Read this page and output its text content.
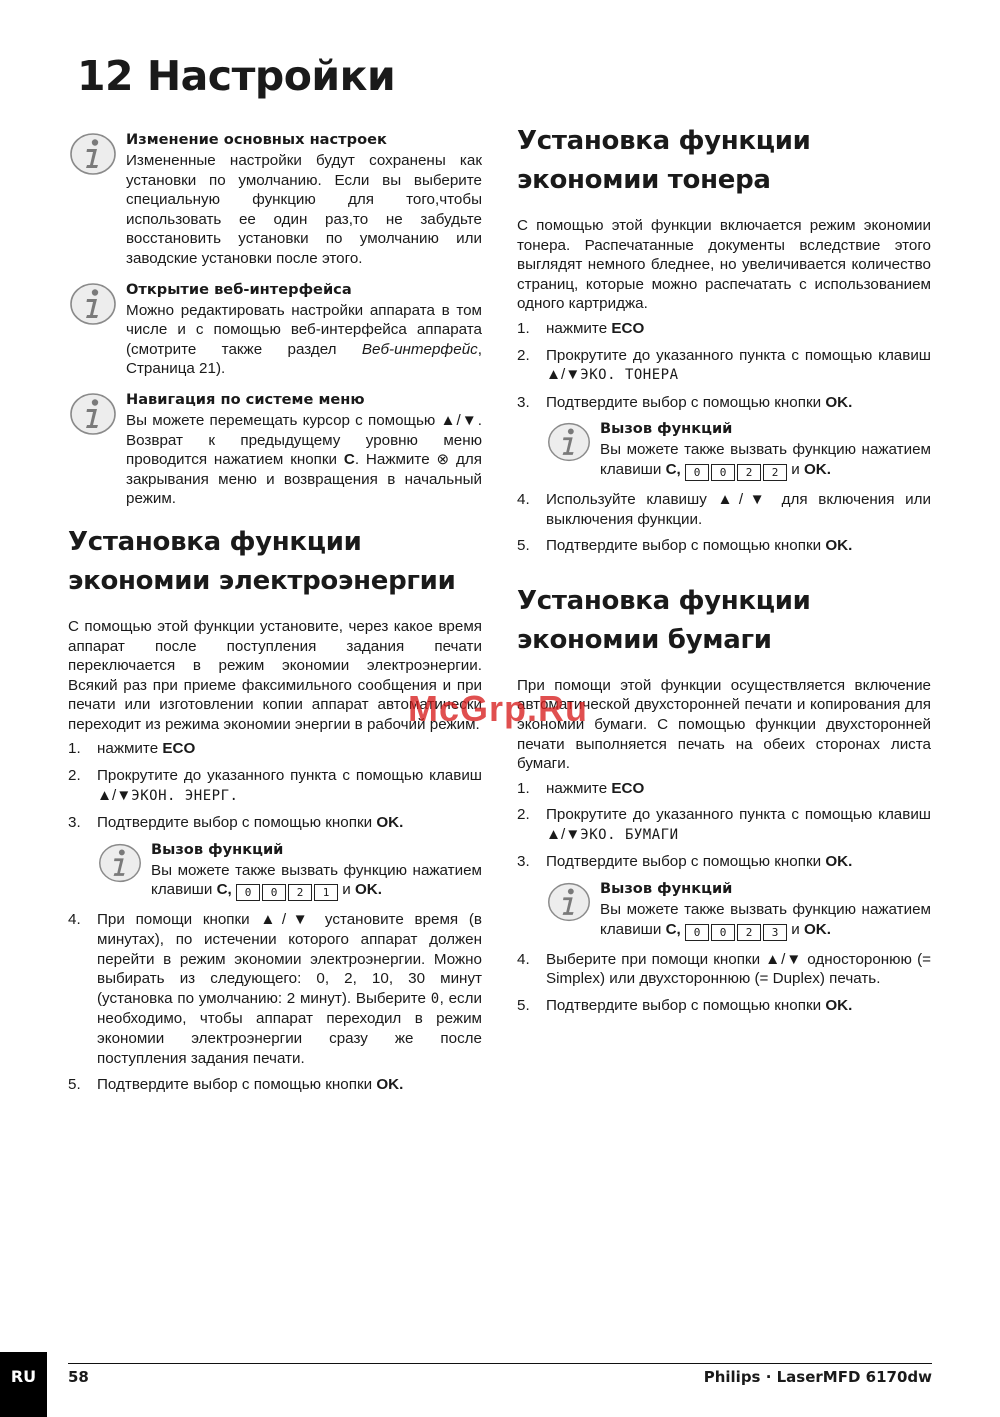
12 Настройки
Изменение основных настроек

Измененные настройки будут сохранены как установки по умолчанию. Если вы выберите специальную функцию для того,чтобы использовать ее один раз,то не забудьте восстановить установки по умолчанию или заводские установки после этого.

Открытие веб-интерфейса

Можно редактировать настройки аппарата в том числе и с помощью веб-интерфейса аппарата (смотрите также раздел Веб-интерфейс, Страница 21).

Навигация по системе меню

Вы можете перемещать курсор с помощью ▲/▼. Возврат к предыдущему уровню меню проводится нажатием кнопки C. Нажмите ⊗ для закрывания меню и возвращения в начальный режим.

Установка функции
экономии электроэнергии

С помощью этой функции установите, через какое время аппарат после поступления задания печати переключается в режим экономии электроэнергии. Всякий раз при приеме факсимильного сообщения и при печати или изготовлении копии аппарат автоматически переходит из режима экономии энергии в рабочий режим.

1.	нажмите ECO
2.	Прокрутите до указанного пункта с помощью клавиш ▲/▼ЭКОН. ЭНЕРГ.
3.	Подтвердите выбор с помощью кнопки OK.
Вызов функций

Вы можете также вызвать функцию нажатием клавиши C,	0	0	2	1 и OK.

4.	При помощи кнопки ▲/▼ установите время (в минутах), по истечении которого аппарат должен перейти в режим экономии электроэнергии. Можно выбирать из следующего: 0, 2, 10, 30 минут (установка по умолчанию: 2 минут). Выберите 0, если необходимо, чтобы аппарат переходил в режим экономии электроэнергии сразу же после поступления задания печати.
5.	Подтвердите выбор с помощью кнопки OK.
Установка функции
экономии тонера

С помощью этой функции включается режим экономии тонера. Распечатанные документы вследствие этого выглядят немного бледнее, но увеличивается количество страниц, которые можно распечатать с использованием одного картриджа.

1.	нажмите ECO
2.	Прокрутите до указанного пункта с помощью клавиш ▲/▼ЭКО. ТОНЕРА
3.	Подтвердите выбор с помощью кнопки OK.
Вызов функций

Вы можете также вызвать функцию нажатием клавиши C,	0	0	2	2 и OK.

4.	Используйте клавишу ▲/▼ для включения или выключения функции.
5.	Подтвердите выбор с помощью кнопки OK.
Установка функции
экономии бумаги

При помощи этой функции осуществляется включение автоматической двухсторонней печати и копирования для экономии бумаги. С помощью функции двухсторонней печати выполняется печать на обеих сторонах листа бумаги.

1.	нажмите ECO
2.	Прокрутите до указанного пункта с помощью клавиш ▲/▼ЭКО. БУМАГИ
3.	Подтвердите выбор с помощью кнопки OK.
Вызов функций

Вы можете также вызвать функцию нажатием клавиши C,	0	0	2	3 и OK.

4.	Выберите при помощи кнопки ▲/▼ односторонюю (= Simplex) или двухстороннюю (= Duplex) печать.
5.	Подтвердите выбор с помощью кнопки OK.
McGrp.Ru
RU	58	Philips · LaserMFD 6170dw
